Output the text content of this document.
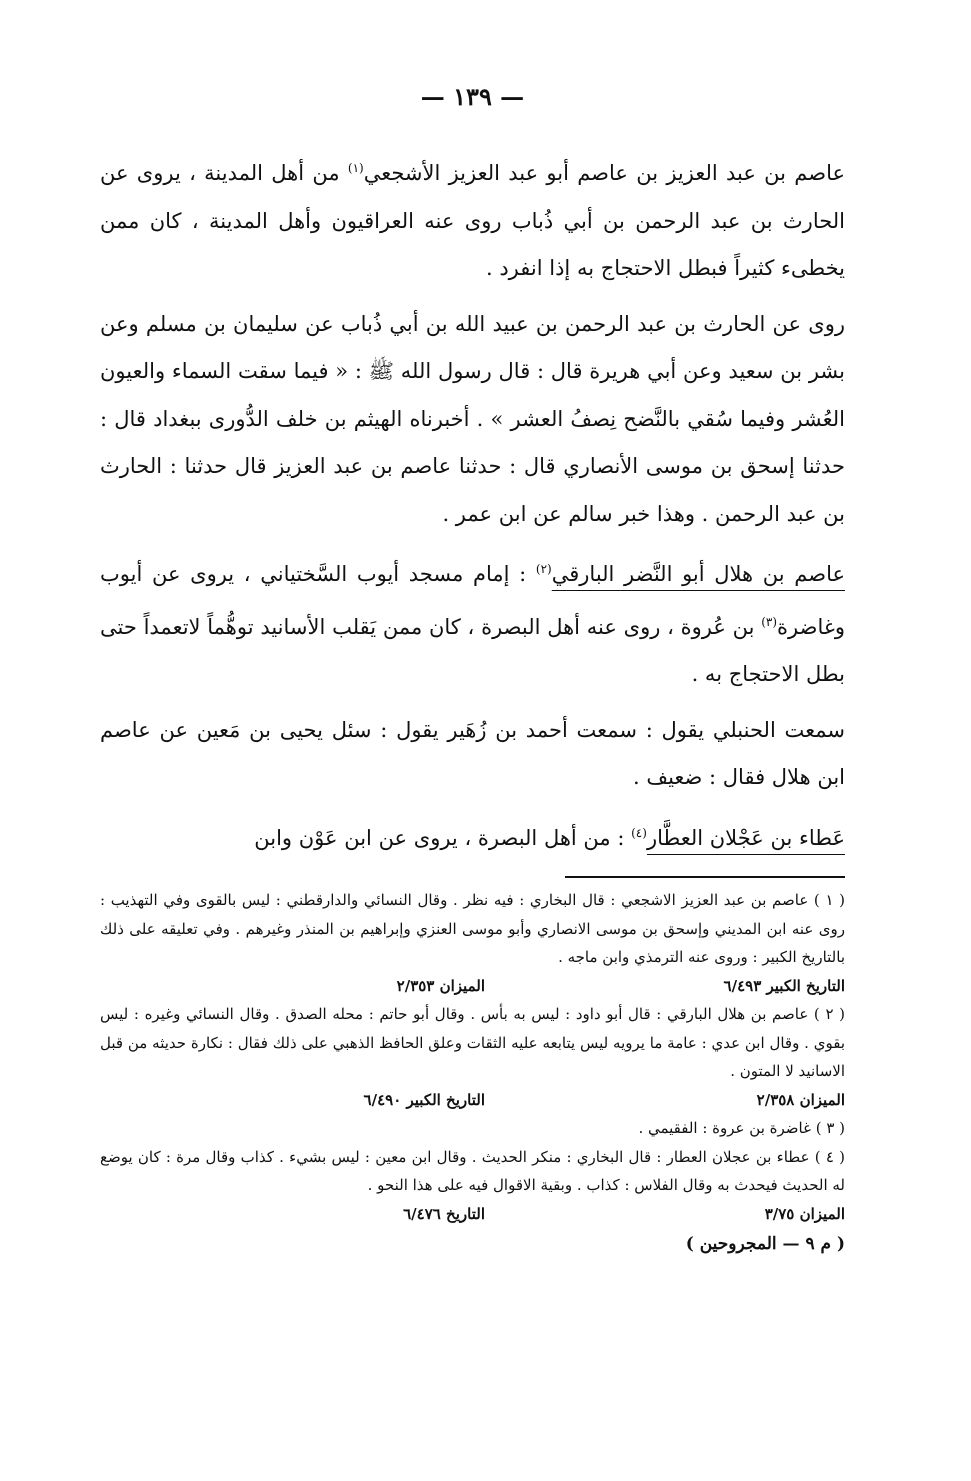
— ١٣٩ —

عاصم بن عبد العزيز بن عاصم أبو عبد العزيز الأشجعي$^{(١)}$ من أهل المدينة ، يروى عن الحارث بن عبد الرحمن بن أبي ذُباب روى عنه العراقيون وأهل المدينة ، كان ممن يخطىء كثيراً فبطل الاحتجاج به إذا انفرد .

روى عن الحارث بن عبد الرحمن بن عبيد الله بن أبي ذُباب عن سليمان بن مسلم وعن بشر بن سعيد وعن أبي هريرة قال : قال رسول الله ﷺ : « فيما سقت السماء والعيون العُشر وفيما سُقي بالنَّضح نِصفُ العشر » . أخبرناه الهيثم بن خلف الدُّورى ببغداد قال : حدثنا إسحق بن موسى الأنصاري قال : حدثنا عاصم بن عبد العزيز قال حدثنا : الحارث بن عبد الرحمن . وهذا خبر سالم عن ابن عمر .

عاصم بن هلال أبو النَّضر البارقي$^{(٢)}$ : إمام مسجد أيوب السَّختياني ، يروى عن أيوب وغاضرة$^{(٣)}$ بن عُروة ، روى عنه أهل البصرة ، كان ممن يَقلب الأسانيد توهُّماً لاتعمداً حتى بطل الاحتجاج به .

سمعت الحنبلي يقول : سمعت أحمد بن زُهَير يقول : سئل يحيى بن مَعين عن عاصم ابن هلال فقال : ضعيف .

عَطاء بن عَجْلان العطَّار$^{(٤)}$ : من أهل البصرة ، يروى عن ابن عَوْن وابن

( ١ ) عاصم بن عبد العزيز الاشجعي : قال البخاري : فيه نظر . وقال النسائي والدارقطني : ليس بالقوى وفي التهذيب : روى عنه ابن المديني وإسحق بن موسى الانصاري وأبو موسى العنزي وإبراهيم بن المنذر وغيرهم . وفي تعليقه على ذلك بالتاريخ الكبير : وروى عنه الترمذي وابن ماجه .

التاريخ الكبير ٦/٤٩٣
الميزان ٢/٣٥٣

( ٢ ) عاصم بن هلال البارقي : قال أبو داود : ليس به بأس . وقال أبو حاتم : محله الصدق . وقال النسائي وغيره : ليس بقوي . وقال ابن عدي : عامة ما يرويه ليس يتابعه عليه الثقات وعلق الحافظ الذهبي على ذلك فقال : نكارة حديثه من قبل الاسانيد لا المتون .

الميزان ٢/٣٥٨
التاريخ الكبير ٦/٤٩٠

( ٣ ) غاضرة بن عروة : الفقيمي .

( ٤ ) عطاء بن عجلان العطار : قال البخاري : منكر الحديث . وقال ابن معين : ليس بشيء . كذاب وقال مرة : كان يوضع له الحديث فيحدث به وقال الفلاس : كذاب . وبقية الاقوال فيه على هذا النحو .

الميزان ٣/٧٥
التاريخ ٦/٤٧٦
( م ٩ — المجروحين )
